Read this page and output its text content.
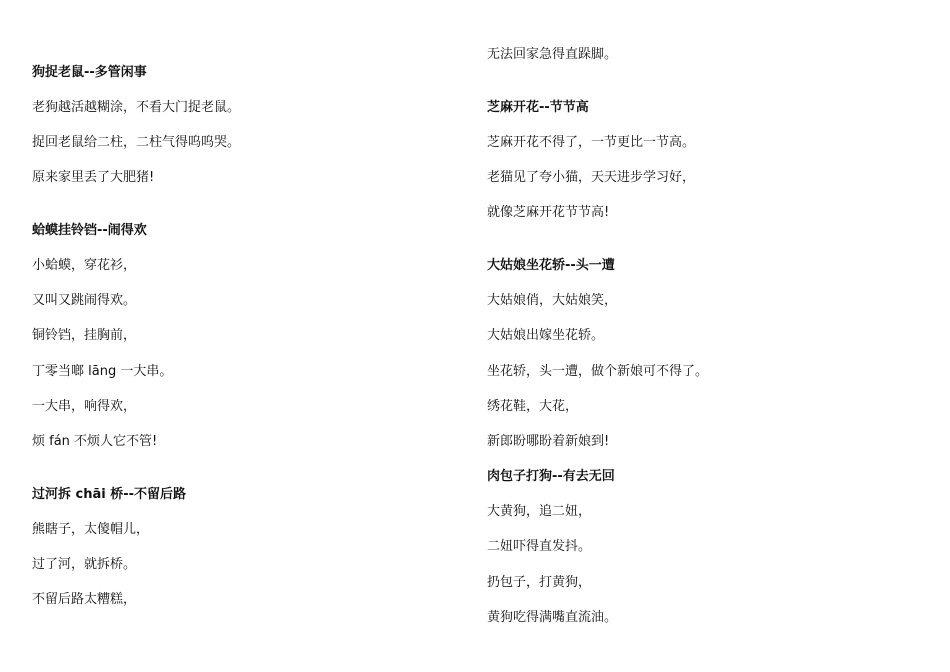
狗捉老鼠--多管闲事
老狗越活越糊涂，不看大门捉老鼠。
捉回老鼠给二柱，二柱气得呜呜哭。
原来家里丢了大肥猪!
蛤蟆挂铃铛--闹得欢
小蛤蟆，穿花衫，
又叫又跳闹得欢。
铜铃铛，挂胸前，
丁零当啷 lāng 一大串。
一大串，响得欢，
烦 fán 不烦人它不管!
过河拆 chāi 桥--不留后路
熊瞎子，太傻帽儿，
过了河，就拆桥。
不留后路太糟糕，
无法回家急得直跺脚。
芝麻开花--节节高
芝麻开花不得了，一节更比一节高。
老猫见了夸小猫，天天进步学习好，
就像芝麻开花节节高!
大姑娘坐花轿--头一遭
大姑娘俏，大姑娘笑，
大姑娘出嫁坐花轿。
坐花轿，头一遭，做个新娘可不得了。
绣花鞋，大花，
新郎盼哪盼着新娘到!
肉包子打狗--有去无回
大黄狗，追二妞，
二妞吓得直发抖。
扔包子，打黄狗，
黄狗吃得满嘴直流油。
